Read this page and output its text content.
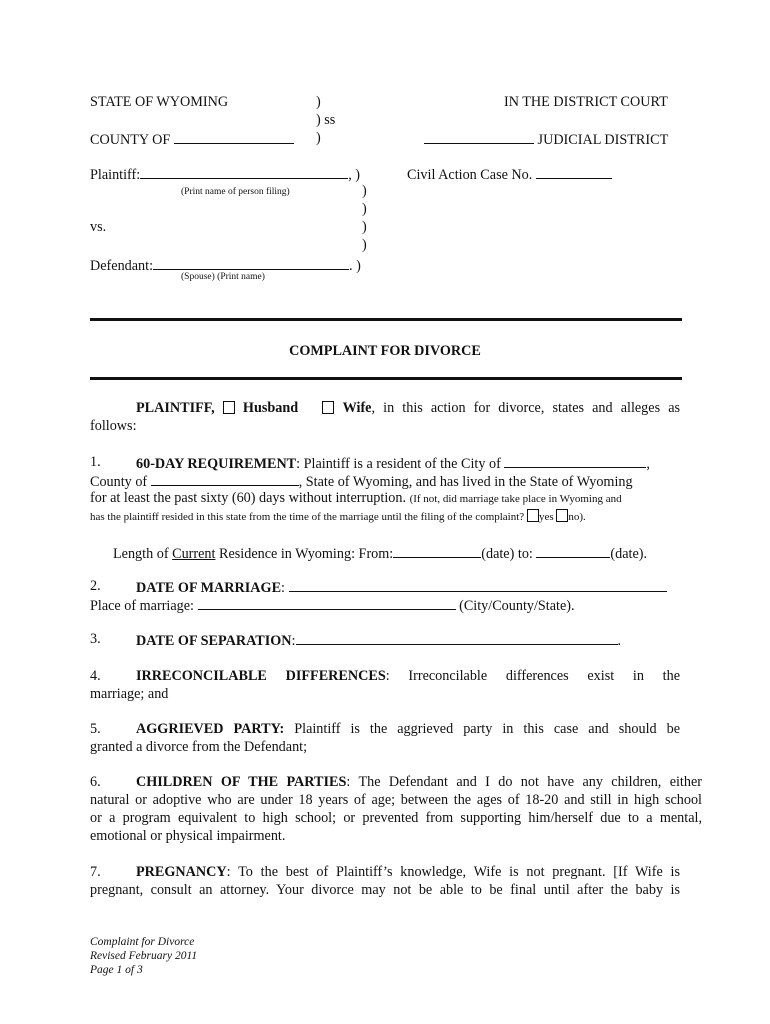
STATE OF WYOMING	)	IN THE DISTRICT COURT
) ss
COUNTY OF	)	JUDICIAL DISTRICT
Plaintiff:	, )	Civil Action Case No.
(Print name of person filing)	)
)
vs.	)
)
Defendant:	. )
(Spouse) (Print name)
COMPLAINT FOR DIVORCE
PLAINTIFF, Husband	Wife, in this action for divorce, states and alleges as
follows:
1. 60-DAY REQUIREMENT: Plaintiff is a resident of the City of	,
County of	, State of Wyoming, and has lived in the State of Wyoming
for at least the past sixty (60) days without interruption. (If not, did marriage take place in Wyoming and
has the plaintiff resided in this state from the time of the marriage until the filing of the complaint? yes no).
Length of Current Residence in Wyoming: From:	(date) to:	(date).
2. DATE OF MARRIAGE:
Place of marriage:	(City/County/State).
3. DATE OF SEPARATION:	.
4. IRRECONCILABLE DIFFERENCES: Irreconcilable differences exist in the
marriage; and
5. AGGRIEVED PARTY: Plaintiff is the aggrieved party in this case and should be
granted a divorce from the Defendant;
6. CHILDREN OF THE PARTIES: The Defendant and I do not have any children, either
natural or adoptive who are under 18 years of age; between the ages of 18-20 and still in high school
or a program equivalent to high school; or prevented from supporting him/herself due to a mental,
emotional or physical impairment.
7. PREGNANCY: To the best of Plaintiff’s knowledge, Wife is not pregnant. [If Wife is
pregnant, consult an attorney. Your divorce may not be able to be final until after the baby is
Complaint for Divorce
Revised February 2011
Page 1 of 3
